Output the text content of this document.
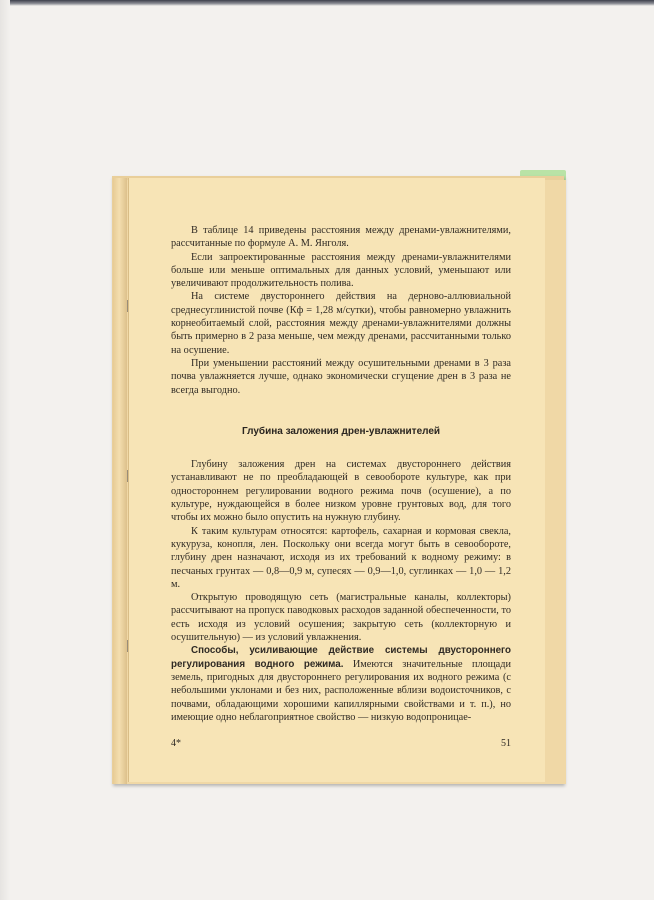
В таблице 14 приведены расстояния между дренами-увлажнителями, рассчитанные по формуле А. М. Янголя.

Если запроектированные расстояния между дренами-увлажнителями больше или меньше оптимальных для данных условий, уменьшают или увеличивают продолжительность полива.

На системе двустороннего действия на дерново-аллювиальной среднесуглинистой почве (Кф = 1,28 м/сутки), чтобы равномерно увлажнить корнеобитаемый слой, расстояния между дренами-увлажнителями должны быть примерно в 2 раза меньше, чем между дренами, рассчитанными только на осушение.

При уменьшении расстояний между осушительными дренами в 3 раза почва увлажняется лучше, однако экономически сгущение дрен в 3 раза не всегда выгодно.

Глубина заложения дрен-увлажнителей

Глубину заложения дрен на системах двустороннего действия устанавливают не по преобладающей в севообороте культуре, как при одностороннем регулировании водного режима почв (осушение), а по культуре, нуждающейся в более низком уровне грунтовых вод, для того чтобы их можно было опустить на нужную глубину.

К таким культурам относятся: картофель, сахарная и кормовая свекла, кукуруза, конопля, лен. Поскольку они всегда могут быть в севообороте, глубину дрен назначают, исходя из их требований к водному режиму: в песчаных грунтах — 0,8—0,9 м, супесях — 0,9—1,0, суглинках — 1,0 — 1,2 м.

Открытую проводящую сеть (магистральные каналы, коллекторы) рассчитывают на пропуск паводковых расходов заданной обеспеченности, то есть исходя из условий осушения; закрытую сеть (коллекторную и осушительную) — из условий увлажнения.

Способы, усиливающие действие системы двустороннего регулирования водного режима. Имеются значительные площади земель, пригодных для двустороннего регулирования их водного режима (с небольшими уклонами и без них, расположенные вблизи водоисточников, с почвами, обладающими хорошими капиллярными свойствами и т. п.), но имеющие одно неблагоприятное свойство — низкую водопроницае-

4*	51
